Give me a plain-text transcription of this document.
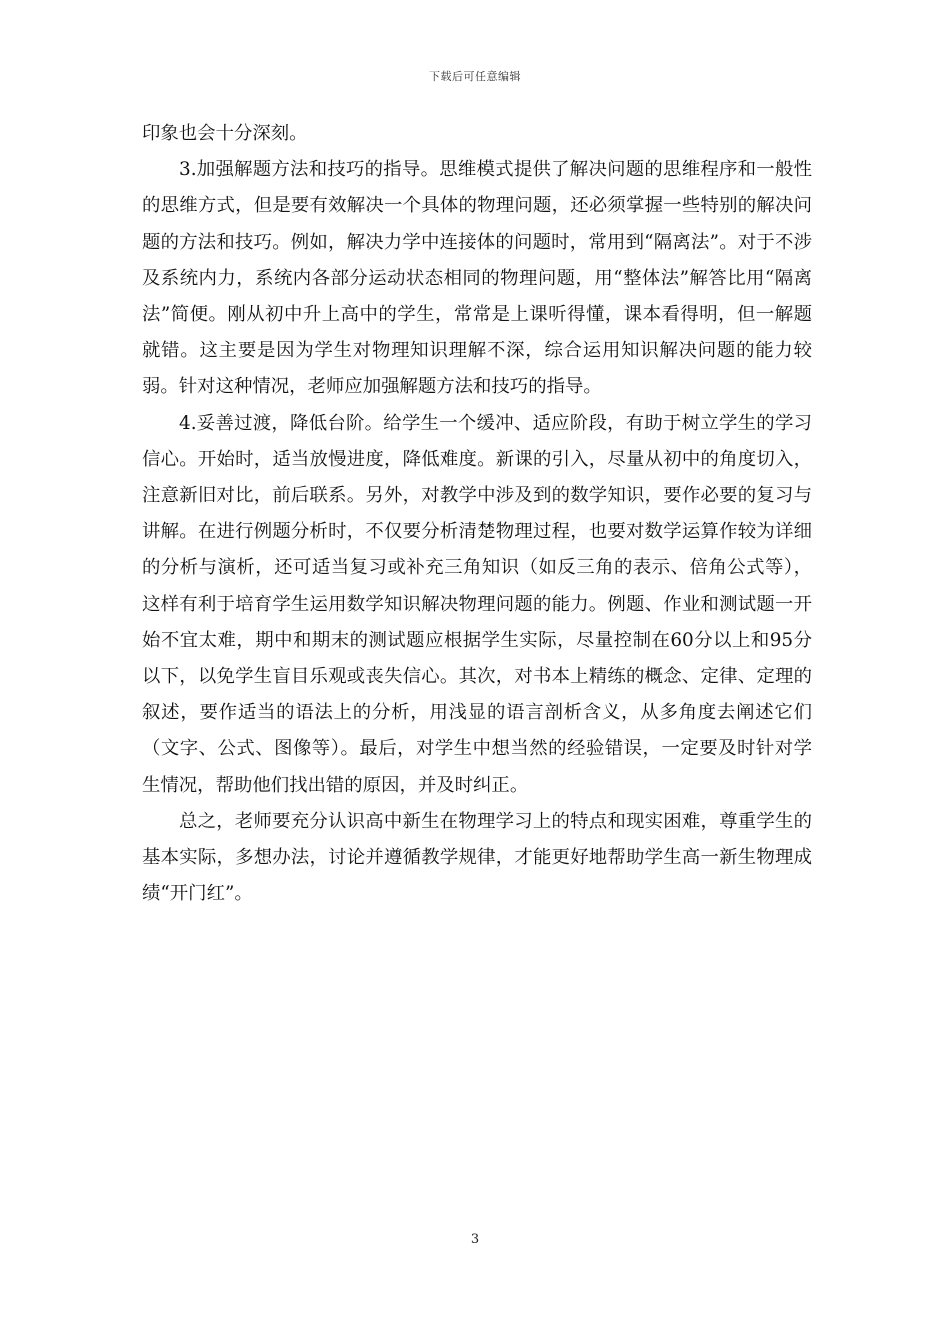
下载后可任意编辑

印象也会十分深刻。

3.加强解题方法和技巧的指导。思维模式提供了解决问题的思维程序和一般性的思维方式，但是要有效解决一个具体的物理问题，还必须掌握一些特别的解决问题的方法和技巧。例如，解决力学中连接体的问题时，常用到“隔离法”。对于不涉及系统内力，系统内各部分运动状态相同的物理问题，用“整体法”解答比用“隔离法”简便。刚从初中升上高中的学生，常常是上课听得懂，课本看得明，但一解题就错。这主要是因为学生对物理知识理解不深，综合运用知识解决问题的能力较弱。针对这种情况，老师应加强解题方法和技巧的指导。

4.妥善过渡，降低台阶。给学生一个缓冲、适应阶段，有助于树立学生的学习信心。开始时，适当放慢进度，降低难度。新课的引入，尽量从初中的角度切入，注意新旧对比，前后联系。另外，对教学中涉及到的数学知识，要作必要的复习与讲解。在进行例题分析时，不仅要分析清楚物理过程，也要对数学运算作较为详细的分析与演析，还可适当复习或补充三角知识（如反三角的表示、倍角公式等），这样有利于培育学生运用数学知识解决物理问题的能力。例题、作业和测试题一开始不宜太难，期中和期末的测试题应根据学生实际，尽量控制在60分以上和95分以下，以免学生盲目乐观或丧失信心。其次，对书本上精练的概念、定律、定理的叙述，要作适当的语法上的分析，用浅显的语言剖析含义，从多角度去阐述它们（文字、公式、图像等）。最后，对学生中想当然的经验错误，一定要及时针对学生情况，帮助他们找出错的原因，并及时纠正。

总之，老师要充分认识高中新生在物理学习上的特点和现实困难，尊重学生的基本实际，多想办法，讨论并遵循教学规律，才能更好地帮助学生高一新生物理成绩“开门红”。

3
